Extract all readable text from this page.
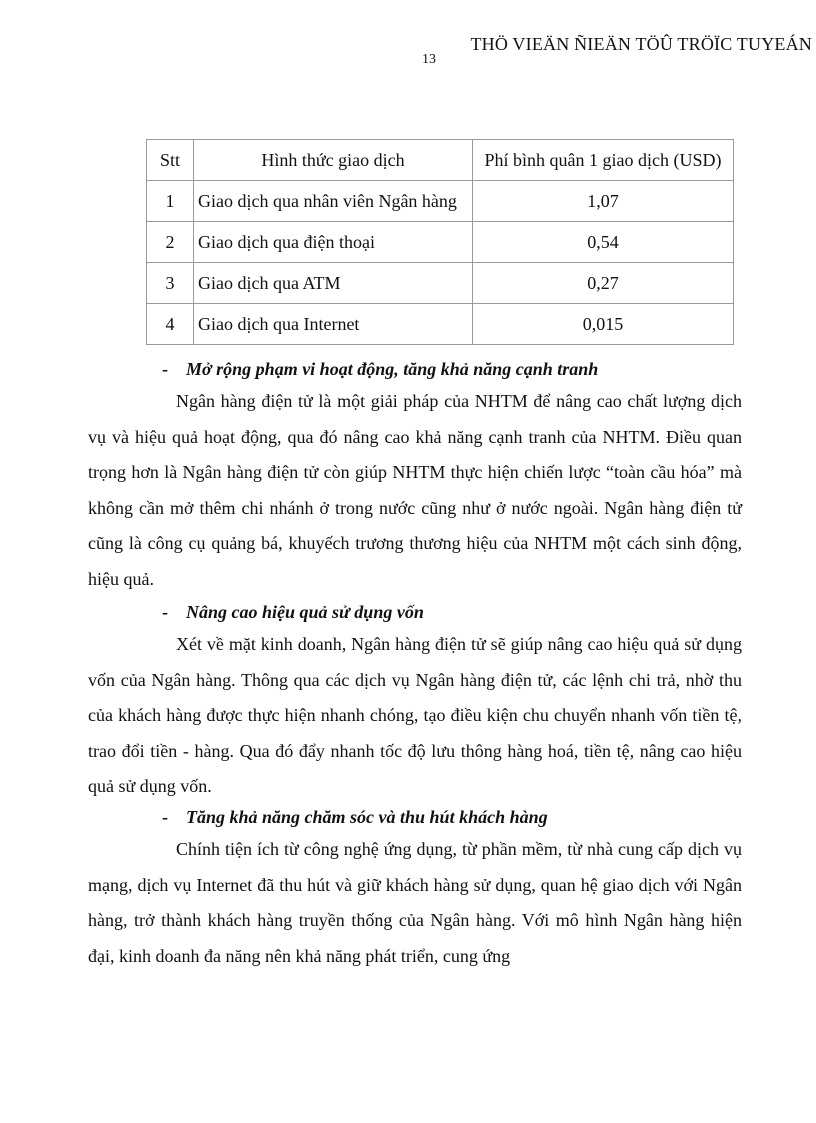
THÖ VIEÄN ÑIEÄN TÖÛ TRÖÏC TUYEÁN
13
Stt	Hình thức giao dịch	Phí bình quân 1 giao dịch (USD)
1	Giao dịch qua nhân viên Ngân hàng	1,07
2	Giao dịch qua điện thoại	0,54
3	Giao dịch qua ATM	0,27
4	Giao dịch qua Internet	0,015
- Mở rộng phạm vi hoạt động, tăng khả năng cạnh tranh

Ngân hàng điện tử là một giải pháp của NHTM để nâng cao chất lượng dịch vụ và hiệu quả hoạt động, qua đó nâng cao khả năng cạnh tranh của NHTM. Điều quan trọng hơn là Ngân hàng điện tử còn giúp NHTM thực hiện chiến lược “toàn cầu hóa” mà không cần mở thêm chi nhánh ở trong nước cũng như ở nước ngoài. Ngân hàng điện tử cũng là công cụ quảng bá, khuyếch trương thương hiệu của NHTM một cách sinh động, hiệu quả.

- Nâng cao hiệu quả sử dụng vốn

Xét về mặt kinh doanh, Ngân hàng điện tử sẽ giúp nâng cao hiệu quả sử dụng vốn của Ngân hàng. Thông qua các dịch vụ Ngân hàng điện tử, các lệnh chi trả, nhờ thu của khách hàng được thực hiện nhanh chóng, tạo điều kiện chu chuyển nhanh vốn tiền tệ, trao đổi tiền - hàng. Qua đó đẩy nhanh tốc độ lưu thông hàng hoá, tiền tệ, nâng cao hiệu quả sử dụng vốn.

- Tăng khả năng chăm sóc và thu hút khách hàng

Chính tiện ích từ công nghệ ứng dụng, từ phần mềm, từ nhà cung cấp dịch vụ mạng, dịch vụ Internet đã thu hút và giữ khách hàng sử dụng, quan hệ giao dịch với Ngân hàng, trở thành khách hàng truyền thống của Ngân hàng. Với mô hình Ngân hàng hiện đại, kinh doanh đa năng nên khả năng phát triển, cung ứng
